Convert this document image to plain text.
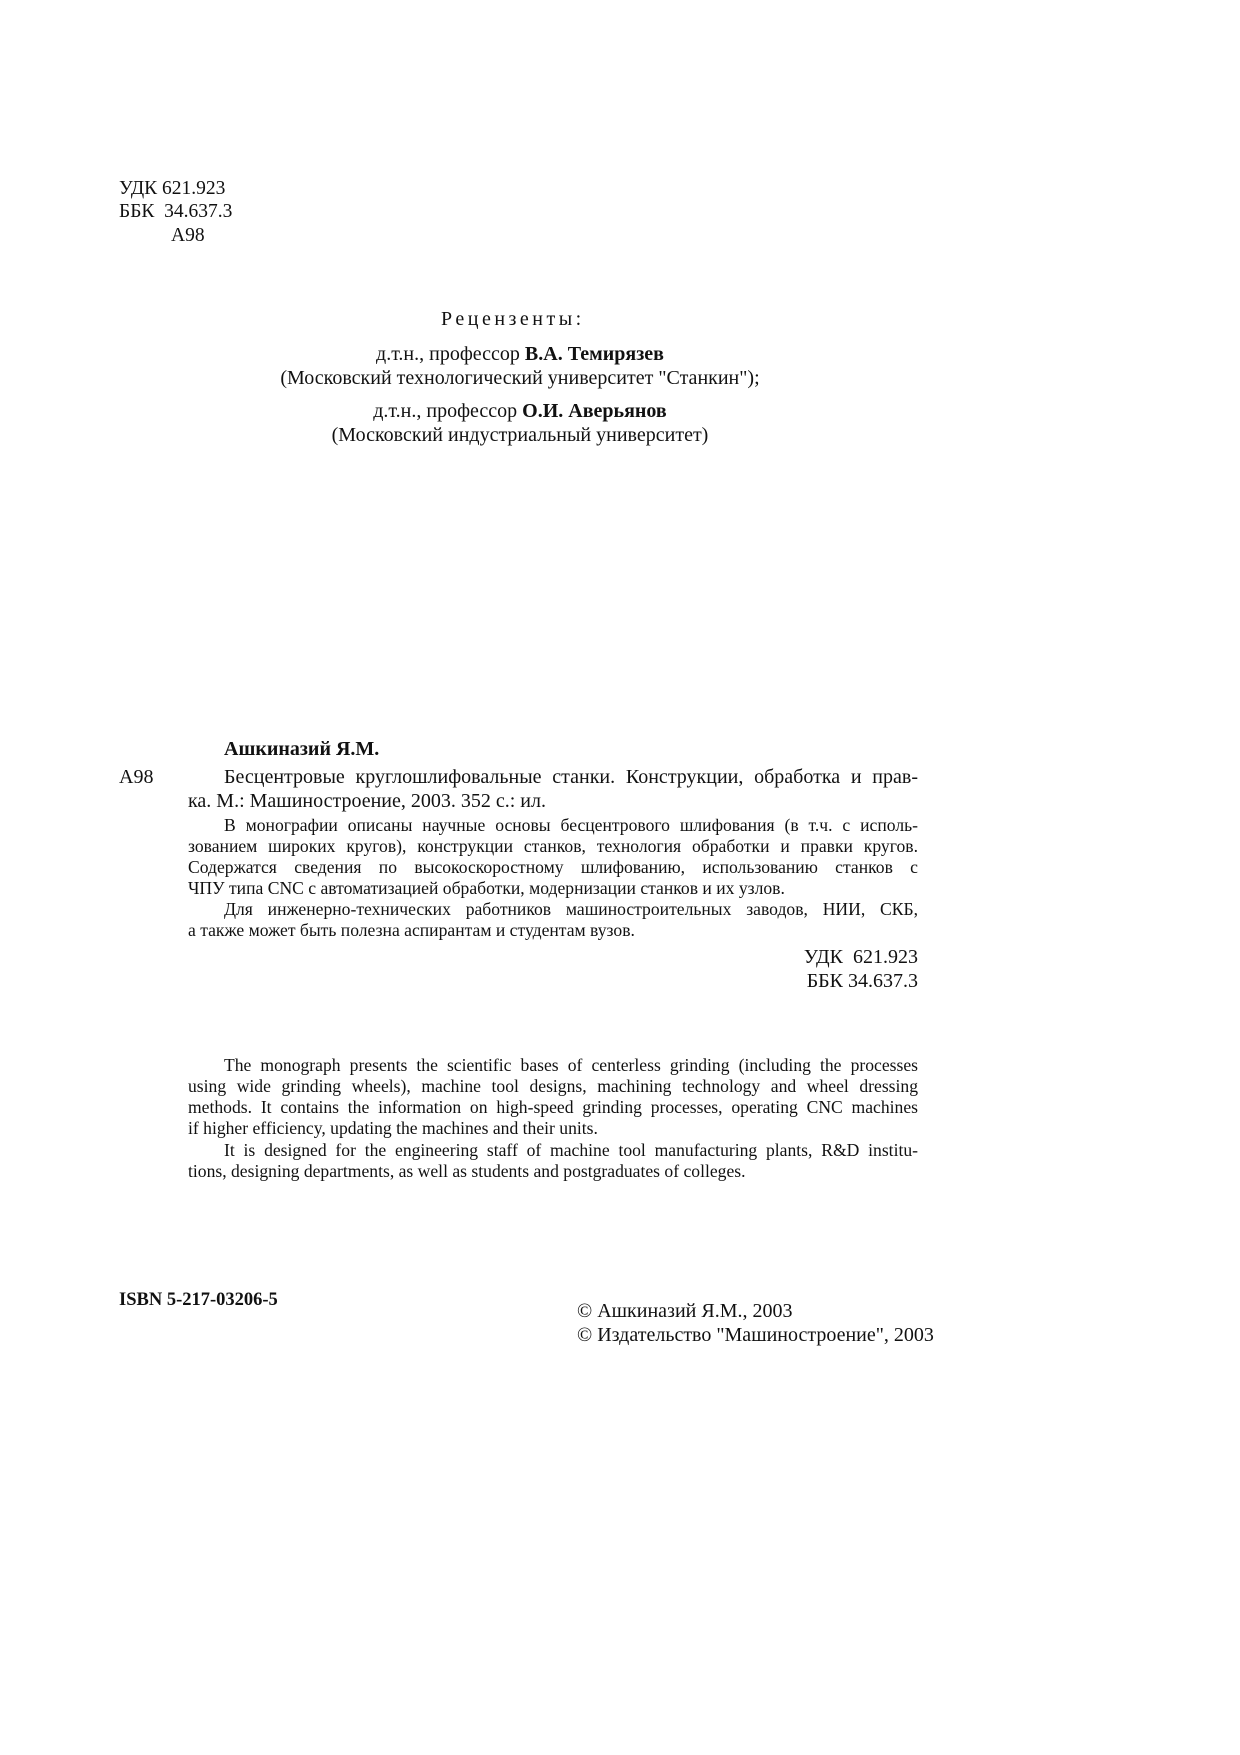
УДК 621.923
ББК  34.637.3
А98
Рецензенты:
д.т.н., профессор В.А. Темирязев
(Московский технологический университет "Станкин");
д.т.н., профессор О.И. Аверьянов
(Московский индустриальный университет)
Ашкиназий Я.М.
А98	Бесцентровые круглошлифовальные станки. Конструкции, обработка и прав-
ка. М.: Машиностроение, 2003. 352 с.: ил.
В монографии описаны научные основы бесцентрового шлифования (в т.ч. с исполь-
зованием широких кругов), конструкции станков, технология обработки и правки кругов.
Содержатся сведения по высокоскоростному шлифованию, использованию станков с
ЧПУ типа CNC с автоматизацией обработки, модернизации станков и их узлов.
Для инженерно-технических работников машиностроительных заводов, НИИ, СКБ,
а также может быть полезна аспирантам и студентам вузов.
УДК  621.923
ББК 34.637.3
The monograph presents the scientific bases of centerless grinding (including the processes
using wide grinding wheels), machine tool designs, machining technology and wheel dressing
methods. It contains the information on high-speed grinding processes, operating CNC machines
if higher efficiency, updating the machines and their units.
It is designed for the engineering staff of machine tool manufacturing plants, R&D institu-
tions, designing departments, as well as students and postgraduates of colleges.
ISBN 5-217-03206-5	© Ашкиназий Я.М., 2003
© Издательство "Машиностроение", 2003
